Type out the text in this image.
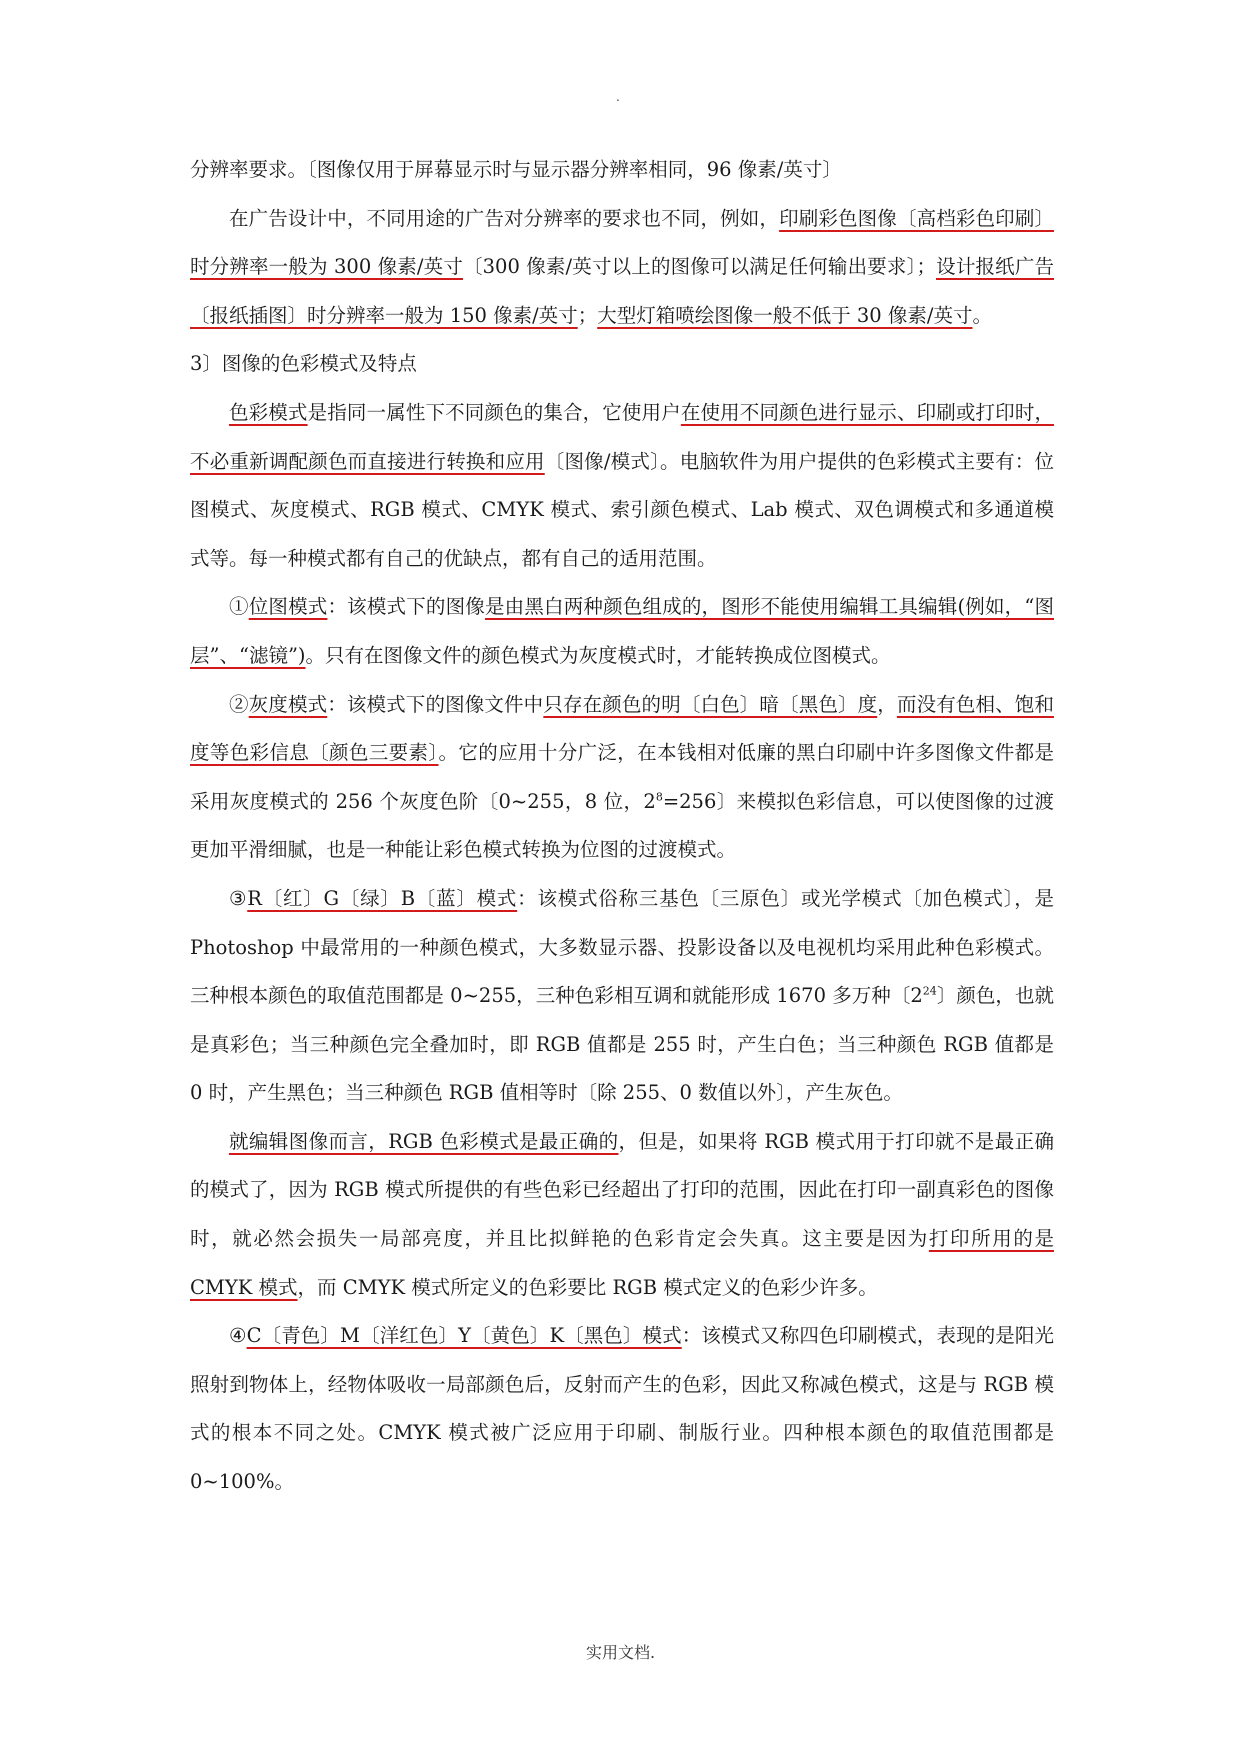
.

分辨率要求。〔图像仅用于屏幕显示时与显示器分辨率相同，96 像素/英寸〕

在广告设计中，不同用途的广告对分辨率的要求也不同，例如，印刷彩色图像〔高档彩色印刷〕时分辨率一般为 300 像素/英寸〔300 像素/英寸以上的图像可以满足任何输出要求〕；设计报纸广告〔报纸插图〕时分辨率一般为 150 像素/英寸；大型灯箱喷绘图像一般不低于 30 像素/英寸。

3〕图像的色彩模式及特点

色彩模式是指同一属性下不同颜色的集合，它使用户在使用不同颜色进行显示、印刷或打印时，不必重新调配颜色而直接进行转换和应用〔图像/模式〕。电脑软件为用户提供的色彩模式主要有：位图模式、灰度模式、RGB 模式、CMYK 模式、索引颜色模式、Lab 模式、双色调模式和多通道模式等。每一种模式都有自己的优缺点，都有自己的适用范围。

①位图模式：该模式下的图像是由黑白两种颜色组成的，图形不能使用编辑工具编辑(例如，“图层”、“滤镜”)。只有在图像文件的颜色模式为灰度模式时，才能转换成位图模式。

②灰度模式：该模式下的图像文件中只存在颜色的明〔白色〕暗〔黑色〕度，而没有色相、饱和度等色彩信息〔颜色三要素〕。它的应用十分广泛，在本钱相对低廉的黑白印刷中许多图像文件都是采用灰度模式的 256 个灰度色阶〔0~255，8 位，$2^8=256$〕来模拟色彩信息，可以使图像的过渡更加平滑细腻，也是一种能让彩色模式转换为位图的过渡模式。

③R〔红〕G〔绿〕B〔蓝〕模式：该模式俗称三基色〔三原色〕或光学模式〔加色模式〕，是 Photoshop 中最常用的一种颜色模式，大多数显示器、投影设备以及电视机均采用此种色彩模式。三种根本颜色的取值范围都是 0~255，三种色彩相互调和就能形成 1670 多万种〔$2^{24}$〕颜色，也就是真彩色；当三种颜色完全叠加时，即 RGB 值都是 255 时，产生白色；当三种颜色 RGB 值都是 0 时，产生黑色；当三种颜色 RGB 值相等时〔除 255、0 数值以外〕，产生灰色。

就编辑图像而言，RGB 色彩模式是最正确的，但是，如果将 RGB 模式用于打印就不是最正确的模式了，因为 RGB 模式所提供的有些色彩已经超出了打印的范围，因此在打印一副真彩色的图像时，就必然会损失一局部亮度，并且比拟鲜艳的色彩肯定会失真。这主要是因为打印所用的是 CMYK 模式，而 CMYK 模式所定义的色彩要比 RGB 模式定义的色彩少许多。

④C〔青色〕M〔洋红色〕Y〔黄色〕K〔黑色〕模式：该模式又称四色印刷模式，表现的是阳光照射到物体上，经物体吸收一局部颜色后，反射而产生的色彩，因此又称减色模式，这是与 RGB 模式的根本不同之处。CMYK 模式被广泛应用于印刷、制版行业。四种根本颜色的取值范围都是 0~100%。

实用文档.
